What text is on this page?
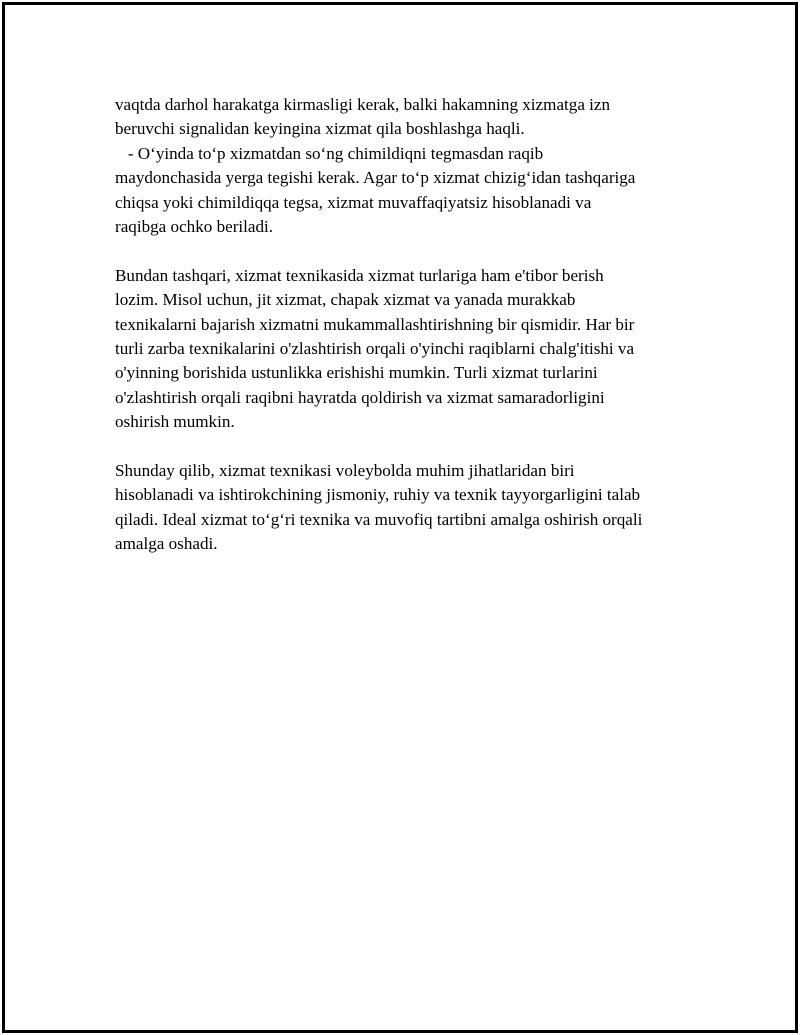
vaqtda darhol harakatga kirmasligi kerak, balki hakamning xizmatga izn
beruvchi signalidan keyingina xizmat qila boshlashga haqli.
- O‘yinda to‘p xizmatdan so‘ng chimildiqni tegmasdan raqib
maydonchasida yerga tegishi kerak. Agar to‘p xizmat chizig‘idan tashqariga
chiqsa yoki chimildiqqa tegsa, xizmat muvaffaqiyatsiz hisoblanadi va
raqibga ochko beriladi.

Bundan tashqari, xizmat texnikasida xizmat turlariga ham e'tibor berish
lozim. Misol uchun, jit xizmat, chapak xizmat va yanada murakkab
texnikalarni bajarish xizmatni mukammallashtirishning bir qismidir. Har bir
turli zarba texnikalarini o'zlashtirish orqali o'yinchi raqiblarni chalg'itishi va
o'yinning borishida ustunlikka erishishi mumkin. Turli xizmat turlarini
o'zlashtirish orqali raqibni hayratda qoldirish va xizmat samaradorligini
oshirish mumkin.

Shunday qilib, xizmat texnikasi voleybolda muhim jihatlaridan biri
hisoblanadi va ishtirokchining jismoniy, ruhiy va texnik tayyorgarligini talab
qiladi. Ideal xizmat to‘g‘ri texnika va muvofiq tartibni amalga oshirish orqali
amalga oshadi.
